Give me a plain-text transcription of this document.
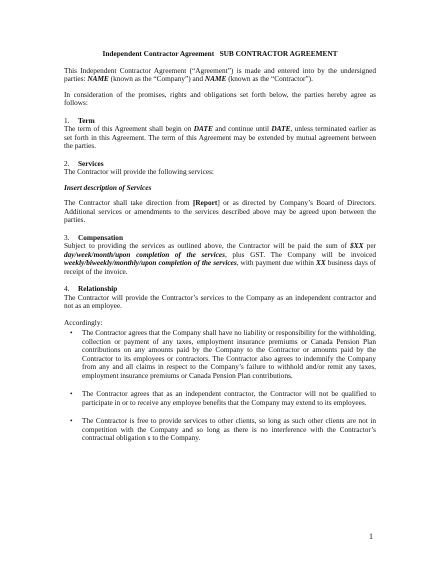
Independent Contractor Agreement SUB CONTRACTOR AGREEMENT

This Independent Contractor Agreement (“Agreement”) is made and entered into by the undersigned parties: NAME (known as the “Company”) and NAME (known as the “Contractor”).

In consideration of the promises, rights and obligations set forth below, the parties hereby agree as follows:

1.	Term

The term of this Agreement shall begin on DATE and continue until DATE, unless terminated earlier as set forth in this Agreement. The term of this Agreement may be extended by mutual agreement between the parties.

2.	Services

The Contractor will provide the following services:

Insert description of Services

The Contractor shall take direction from [Report] or as directed by Company’s Board of Directors. Additional services or amendments to the services described above may be agreed upon between the parties.

3.	Compensation

Subject to providing the services as outlined above, the Contractor will be paid the sum of $XX per day/week/month/upon completion of the services, plus GST. The Company will be invoiced weekly/biweekly/monthly/upon completion of the services, with payment due within XX business days of receipt of the invoice.

4.	Relationship

The Contractor will provide the Contractor’s services to the Company as an independent contractor and not as an employee.

Accordingly:

•	The Contractor agrees that the Company shall have no liability or responsibility for the withholding, collection or payment of any taxes, employment insurance premiums or Canada Pension Plan contributions on any amounts paid by the Company to the Contractor or amounts paid by the Contractor to its employees or contractors. The Contractor also agrees to indemnify the Company from any and all claims in respect to the Company’s failure to withhold and/or remit any taxes, employment insurance premiums or Canada Pension Plan contributions.
•	The Contractor agrees that as an independent contractor, the Contractor will not be qualified to participate in or to receive any employee benefits that the Company may extend to its employees.
•	The Contractor is free to provide services to other clients, so long as such other clients are not in competition with the Company and so long as there is no interference with the Contractor’s contractual obligation s to the Company.
1
